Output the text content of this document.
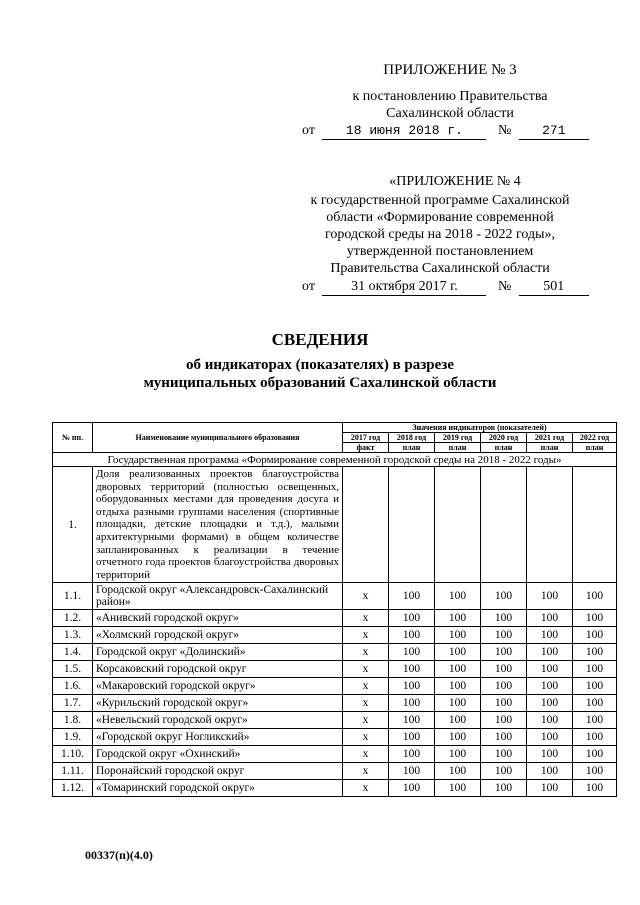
ПРИЛОЖЕНИЕ № 3
к постановлению Правительства
Сахалинской области
от 18 июня 2018 г. № 271
«ПРИЛОЖЕНИЕ № 4
к государственной программе Сахалинской
области «Формирование современной
городской среды на 2018 - 2022 годы»,
утвержденной постановлением
Правительства Сахалинской области
от	31 октября 2017 г.	№ 501
СВЕДЕНИЯ
об индикаторах (показателях) в разрезе
муниципальных образований Сахалинской области
№ пп.	Наименование муниципального образования	Значения индикаторов (показателей)					
		2017 год	2018 год	2019 год	2020 год	2021 год	2022 год
		факт	план	план	план	план	план
Государственная программа «Формирование современной городской среды на 2018 - 2022 годы»							
1.	Доля реализованных проектов благоустройства дворовых территорий (полностью освещенных, оборудованных местами для проведения досуга и отдыха разными группами населения (спортивные площадки, детские площадки и т.д.), малыми архитектурными формами) в общем количестве запланированных к реализации в течение отчетного года проектов благоустройства дворовых территорий						
1.1.	Городской округ «Александровск-Сахалинский район»	х	100	100	100	100	100
1.2.	«Анивский городской округ»	х	100	100	100	100	100
1.3.	«Холмский городской округ»	х	100	100	100	100	100
1.4.	Городской округ «Долинский»	х	100	100	100	100	100
1.5.	Корсаковский городской округ	х	100	100	100	100	100
1.6.	«Макаровский городской округ»	х	100	100	100	100	100
1.7.	«Курильский городской округ»	х	100	100	100	100	100
1.8.	«Невельский городской округ»	х	100	100	100	100	100
1.9.	«Городской округ Ногликский»	х	100	100	100	100	100
1.10.	Городской округ «Охинский»	х	100	100	100	100	100
1.11.	Поронайский городской округ	х	100	100	100	100	100
1.12.	«Томаринский городской округ»	х	100	100	100	100	100
00337(п)(4.0)
